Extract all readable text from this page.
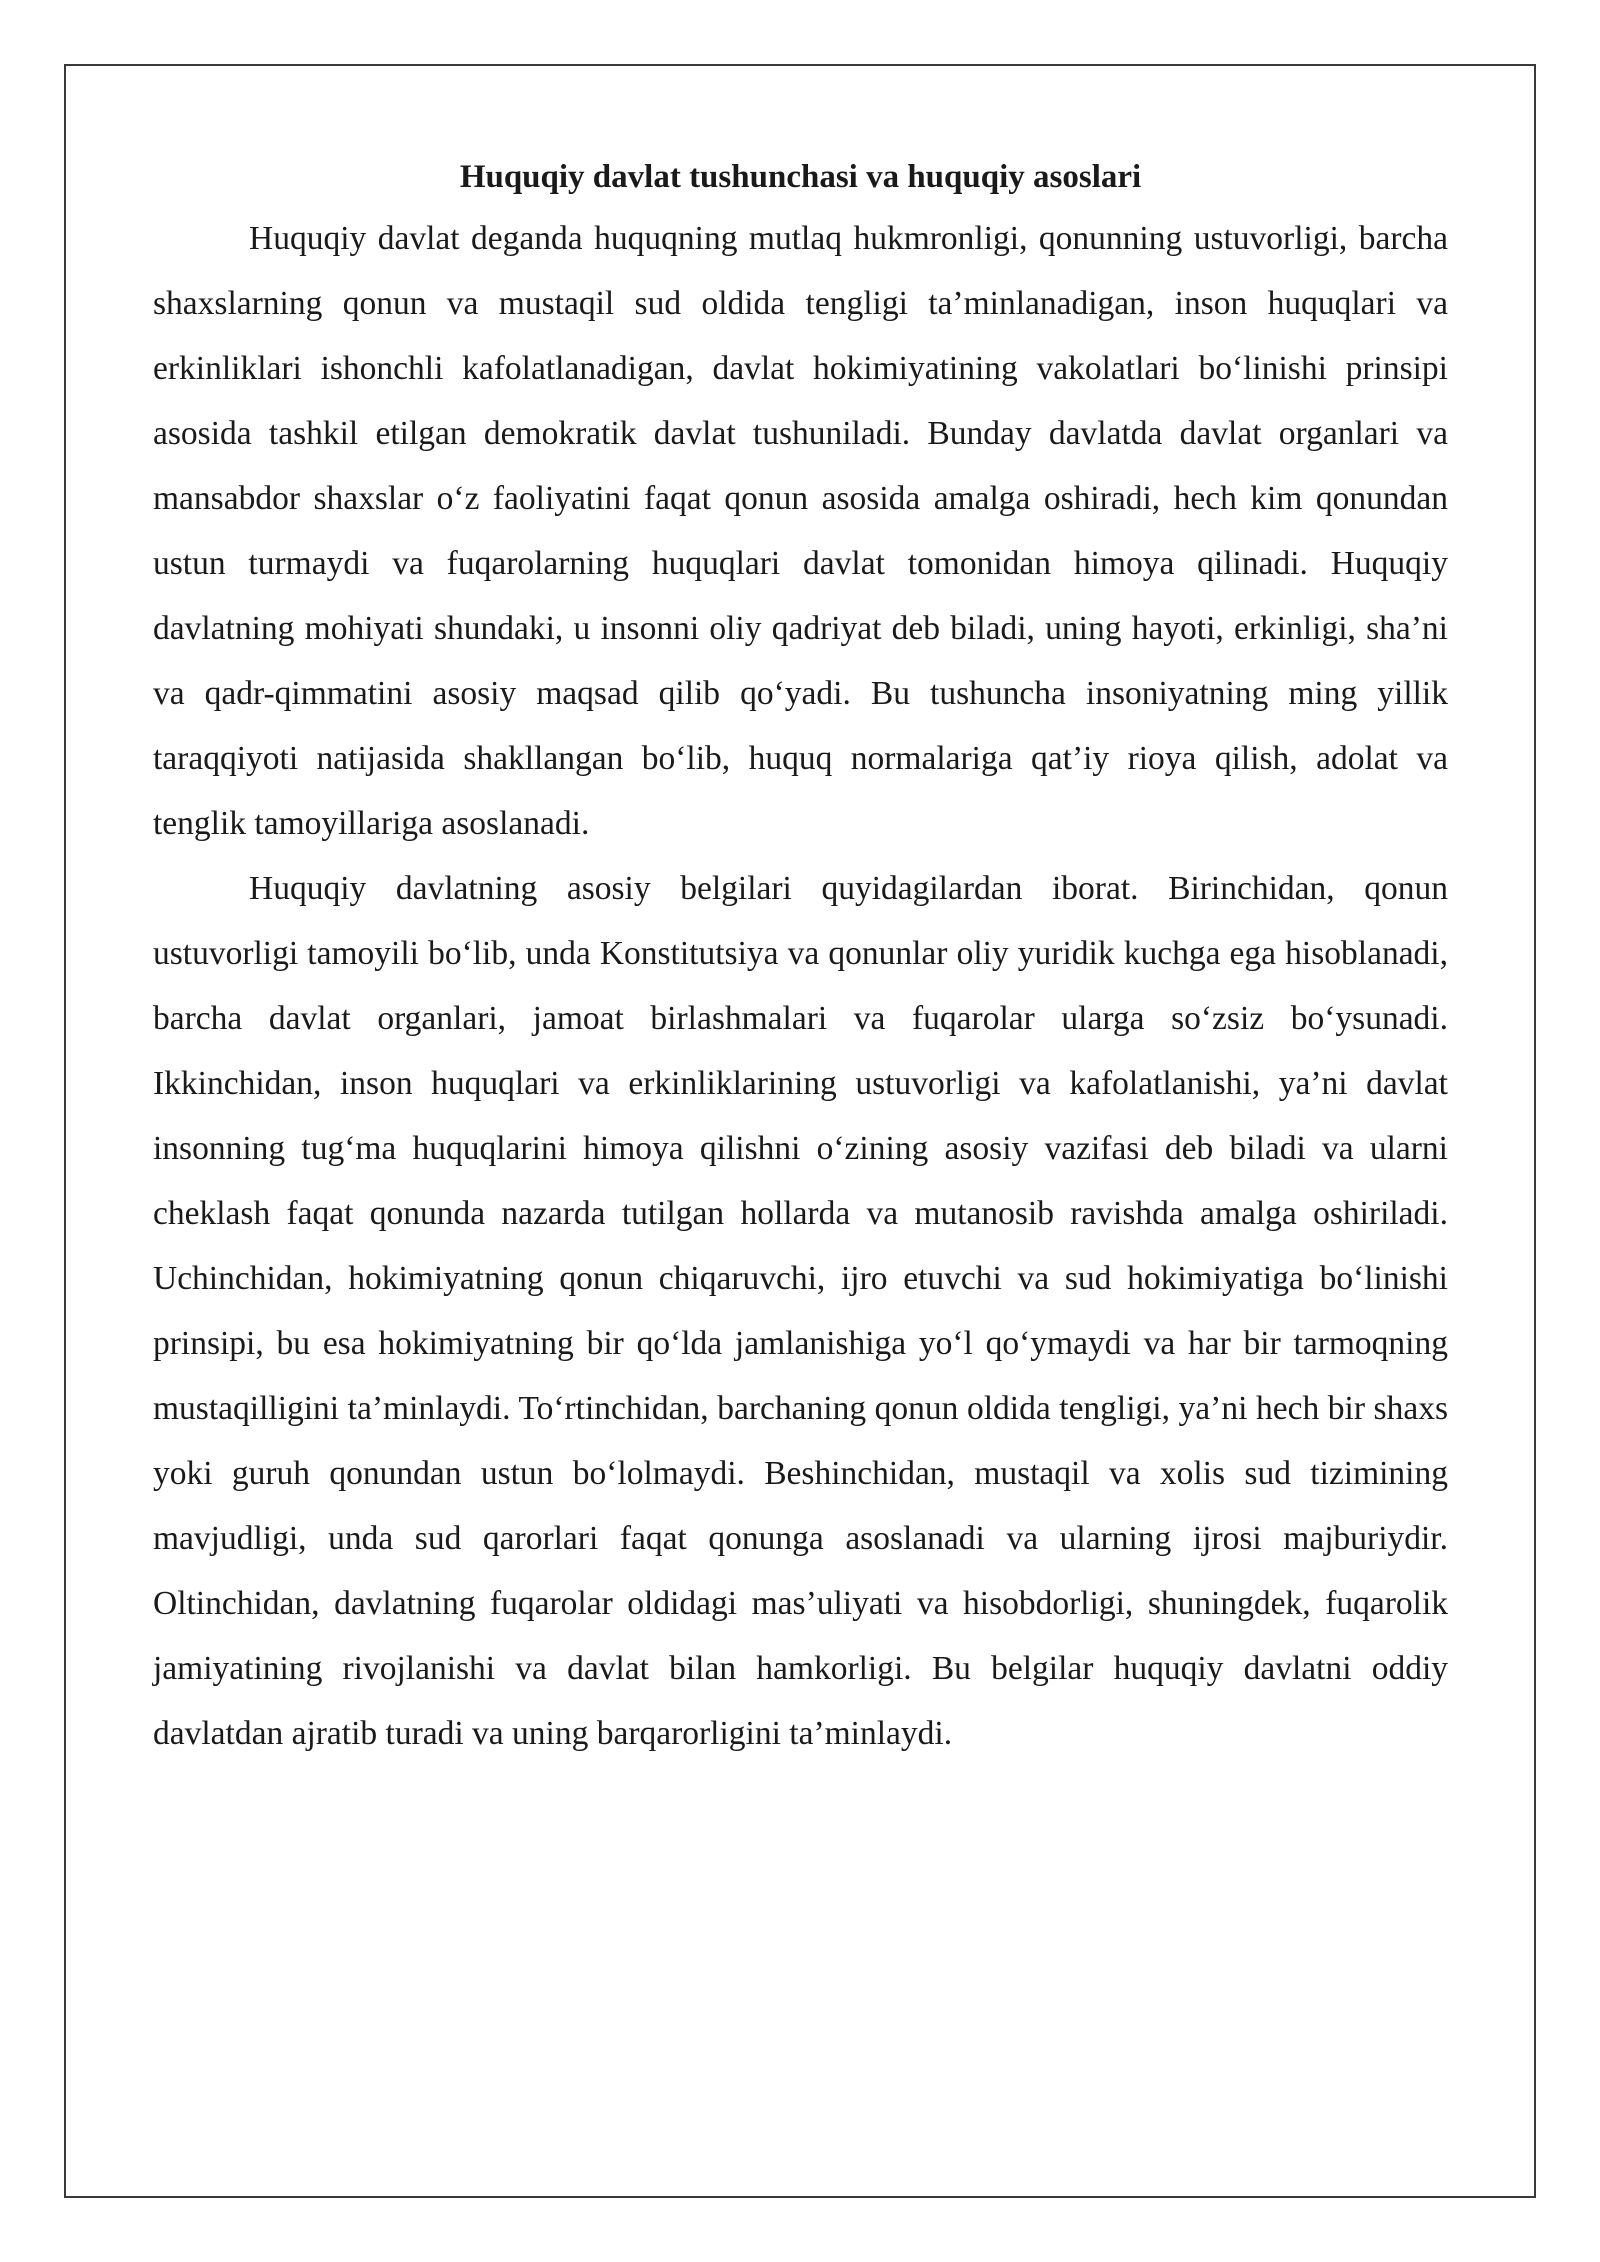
Huquqiy davlat tushunchasi va huquqiy asoslari

Huquqiy davlat deganda huquqning mutlaq hukmronligi, qonunning ustuvorligi, barcha shaxslarning qonun va mustaqil sud oldida tengligi ta’minlanadigan, inson huquqlari va erkinliklari ishonchli kafolatlanadigan, davlat hokimiyatining vakolatlari bo‘linishi prinsipi asosida tashkil etilgan demokratik davlat tushuniladi. Bunday davlatda davlat organlari va mansabdor shaxslar o‘z faoliyatini faqat qonun asosida amalga oshiradi, hech kim qonundan ustun turmaydi va fuqarolarning huquqlari davlat tomonidan himoya qilinadi. Huquqiy davlatning mohiyati shundaki, u insonni oliy qadriyat deb biladi, uning hayoti, erkinligi, sha’ni va qadr-qimmatini asosiy maqsad qilib qo‘yadi. Bu tushuncha insoniyatning ming yillik taraqqiyoti natijasida shakllangan bo‘lib, huquq normalariga qat’iy rioya qilish, adolat va tenglik tamoyillariga asoslanadi.

Huquqiy davlatning asosiy belgilari quyidagilardan iborat. Birinchidan, qonun ustuvorligi tamoyili bo‘lib, unda Konstitutsiya va qonunlar oliy yuridik kuchga ega hisoblanadi, barcha davlat organlari, jamoat birlashmalari va fuqarolar ularga so‘zsiz bo‘ysunadi. Ikkinchidan, inson huquqlari va erkinliklarining ustuvorligi va kafolatlanishi, ya’ni davlat insonning tug‘ma huquqlarini himoya qilishni o‘zining asosiy vazifasi deb biladi va ularni cheklash faqat qonunda nazarda tutilgan hollarda va mutanosib ravishda amalga oshiriladi. Uchinchidan, hokimiyatning qonun chiqaruvchi, ijro etuvchi va sud hokimiyatiga bo‘linishi prinsipi, bu esa hokimiyatning bir qo‘lda jamlanishiga yo‘l qo‘ymaydi va har bir tarmoqning mustaqilligini ta’minlaydi. To‘rtinchidan, barchaning qonun oldida tengligi, ya’ni hech bir shaxs yoki guruh qonundan ustun bo‘lolmaydi. Beshinchidan, mustaqil va xolis sud tizimining mavjudligi, unda sud qarorlari faqat qonunga asoslanadi va ularning ijrosi majburiydir. Oltinchidan, davlatning fuqarolar oldidagi mas’uliyati va hisobdorligi, shuningdek, fuqarolik jamiyatining rivojlanishi va davlat bilan hamkorligi. Bu belgilar huquqiy davlatni oddiy davlatdan ajratib turadi va uning barqarorligini ta’minlaydi.
